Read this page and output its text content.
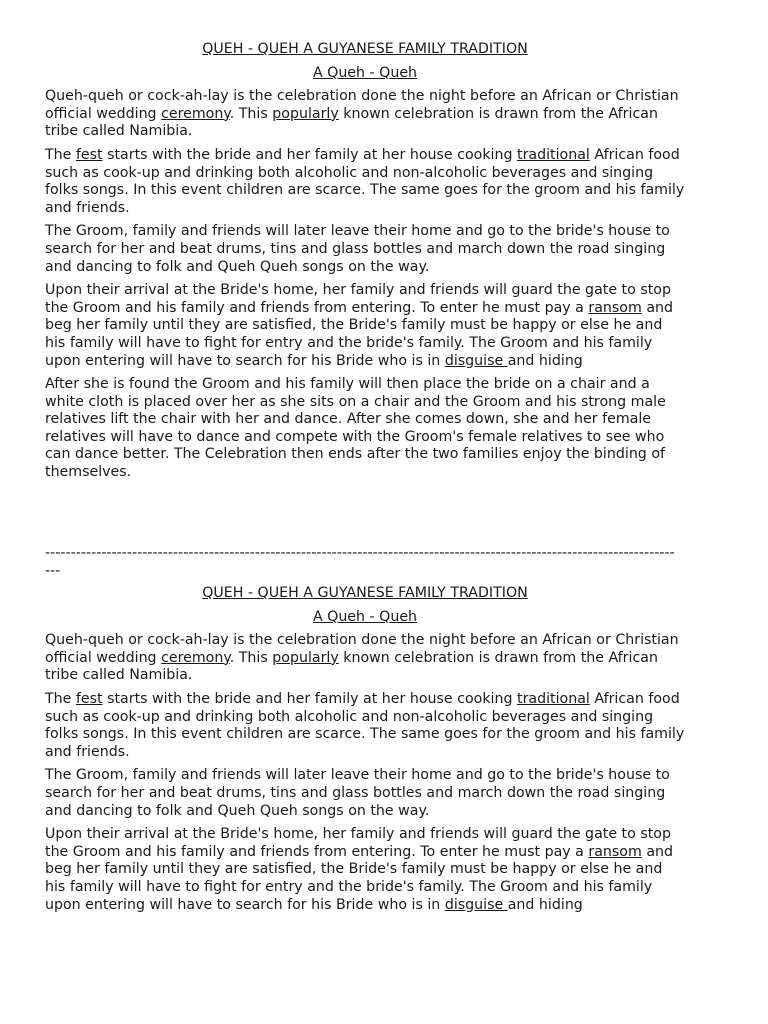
QUEH - QUEH A GUYANESE FAMILY TRADITION

A Queh - Queh

Queh-queh or cock-ah-lay is the celebration done the night before an African or Christian official wedding ceremony. This popularly known celebration is drawn from the African tribe called Namibia.

The fest starts with the bride and her family at her house cooking traditional African food such as cook-up and drinking both alcoholic and non-alcoholic beverages and singing folks songs. In this event children are scarce. The same goes for the groom and his family and friends.

The Groom, family and friends will later leave their home and go to the bride's house to search for her and beat drums, tins and glass bottles and march down the road singing and dancing to folk and Queh Queh songs on the way.

Upon their arrival at the Bride's home, her family and friends will guard the gate to stop the Groom and his family and friends from entering. To enter he must pay a ransom and beg her family until they are satisfied, the Bride's family must be happy or else he and his family will have to fight for entry and the bride's family. The Groom and his family upon entering will have to search for his Bride who is in disguise and hiding

After she is found the Groom and his family will then place the bride on a chair and a white cloth is placed over her as she sits on a chair and the Groom and his strong male relatives lift the chair with her and dance. After she comes down, she and her female relatives will have to dance and compete with the Groom's female relatives to see who can dance better. The Celebration then ends after the two families enjoy the binding of themselves.

------------------------------------------------------------------------------------------------------------------------------

QUEH - QUEH A GUYANESE FAMILY TRADITION

A Queh - Queh

Queh-queh or cock-ah-lay is the celebration done the night before an African or Christian official wedding ceremony. This popularly known celebration is drawn from the African tribe called Namibia.

The fest starts with the bride and her family at her house cooking traditional African food such as cook-up and drinking both alcoholic and non-alcoholic beverages and singing folks songs. In this event children are scarce. The same goes for the groom and his family and friends.

The Groom, family and friends will later leave their home and go to the bride's house to search for her and beat drums, tins and glass bottles and march down the road singing and dancing to folk and Queh Queh songs on the way.

Upon their arrival at the Bride's home, her family and friends will guard the gate to stop the Groom and his family and friends from entering. To enter he must pay a ransom and beg her family until they are satisfied, the Bride's family must be happy or else he and his family will have to fight for entry and the bride's family. The Groom and his family upon entering will have to search for his Bride who is in disguise and hiding
